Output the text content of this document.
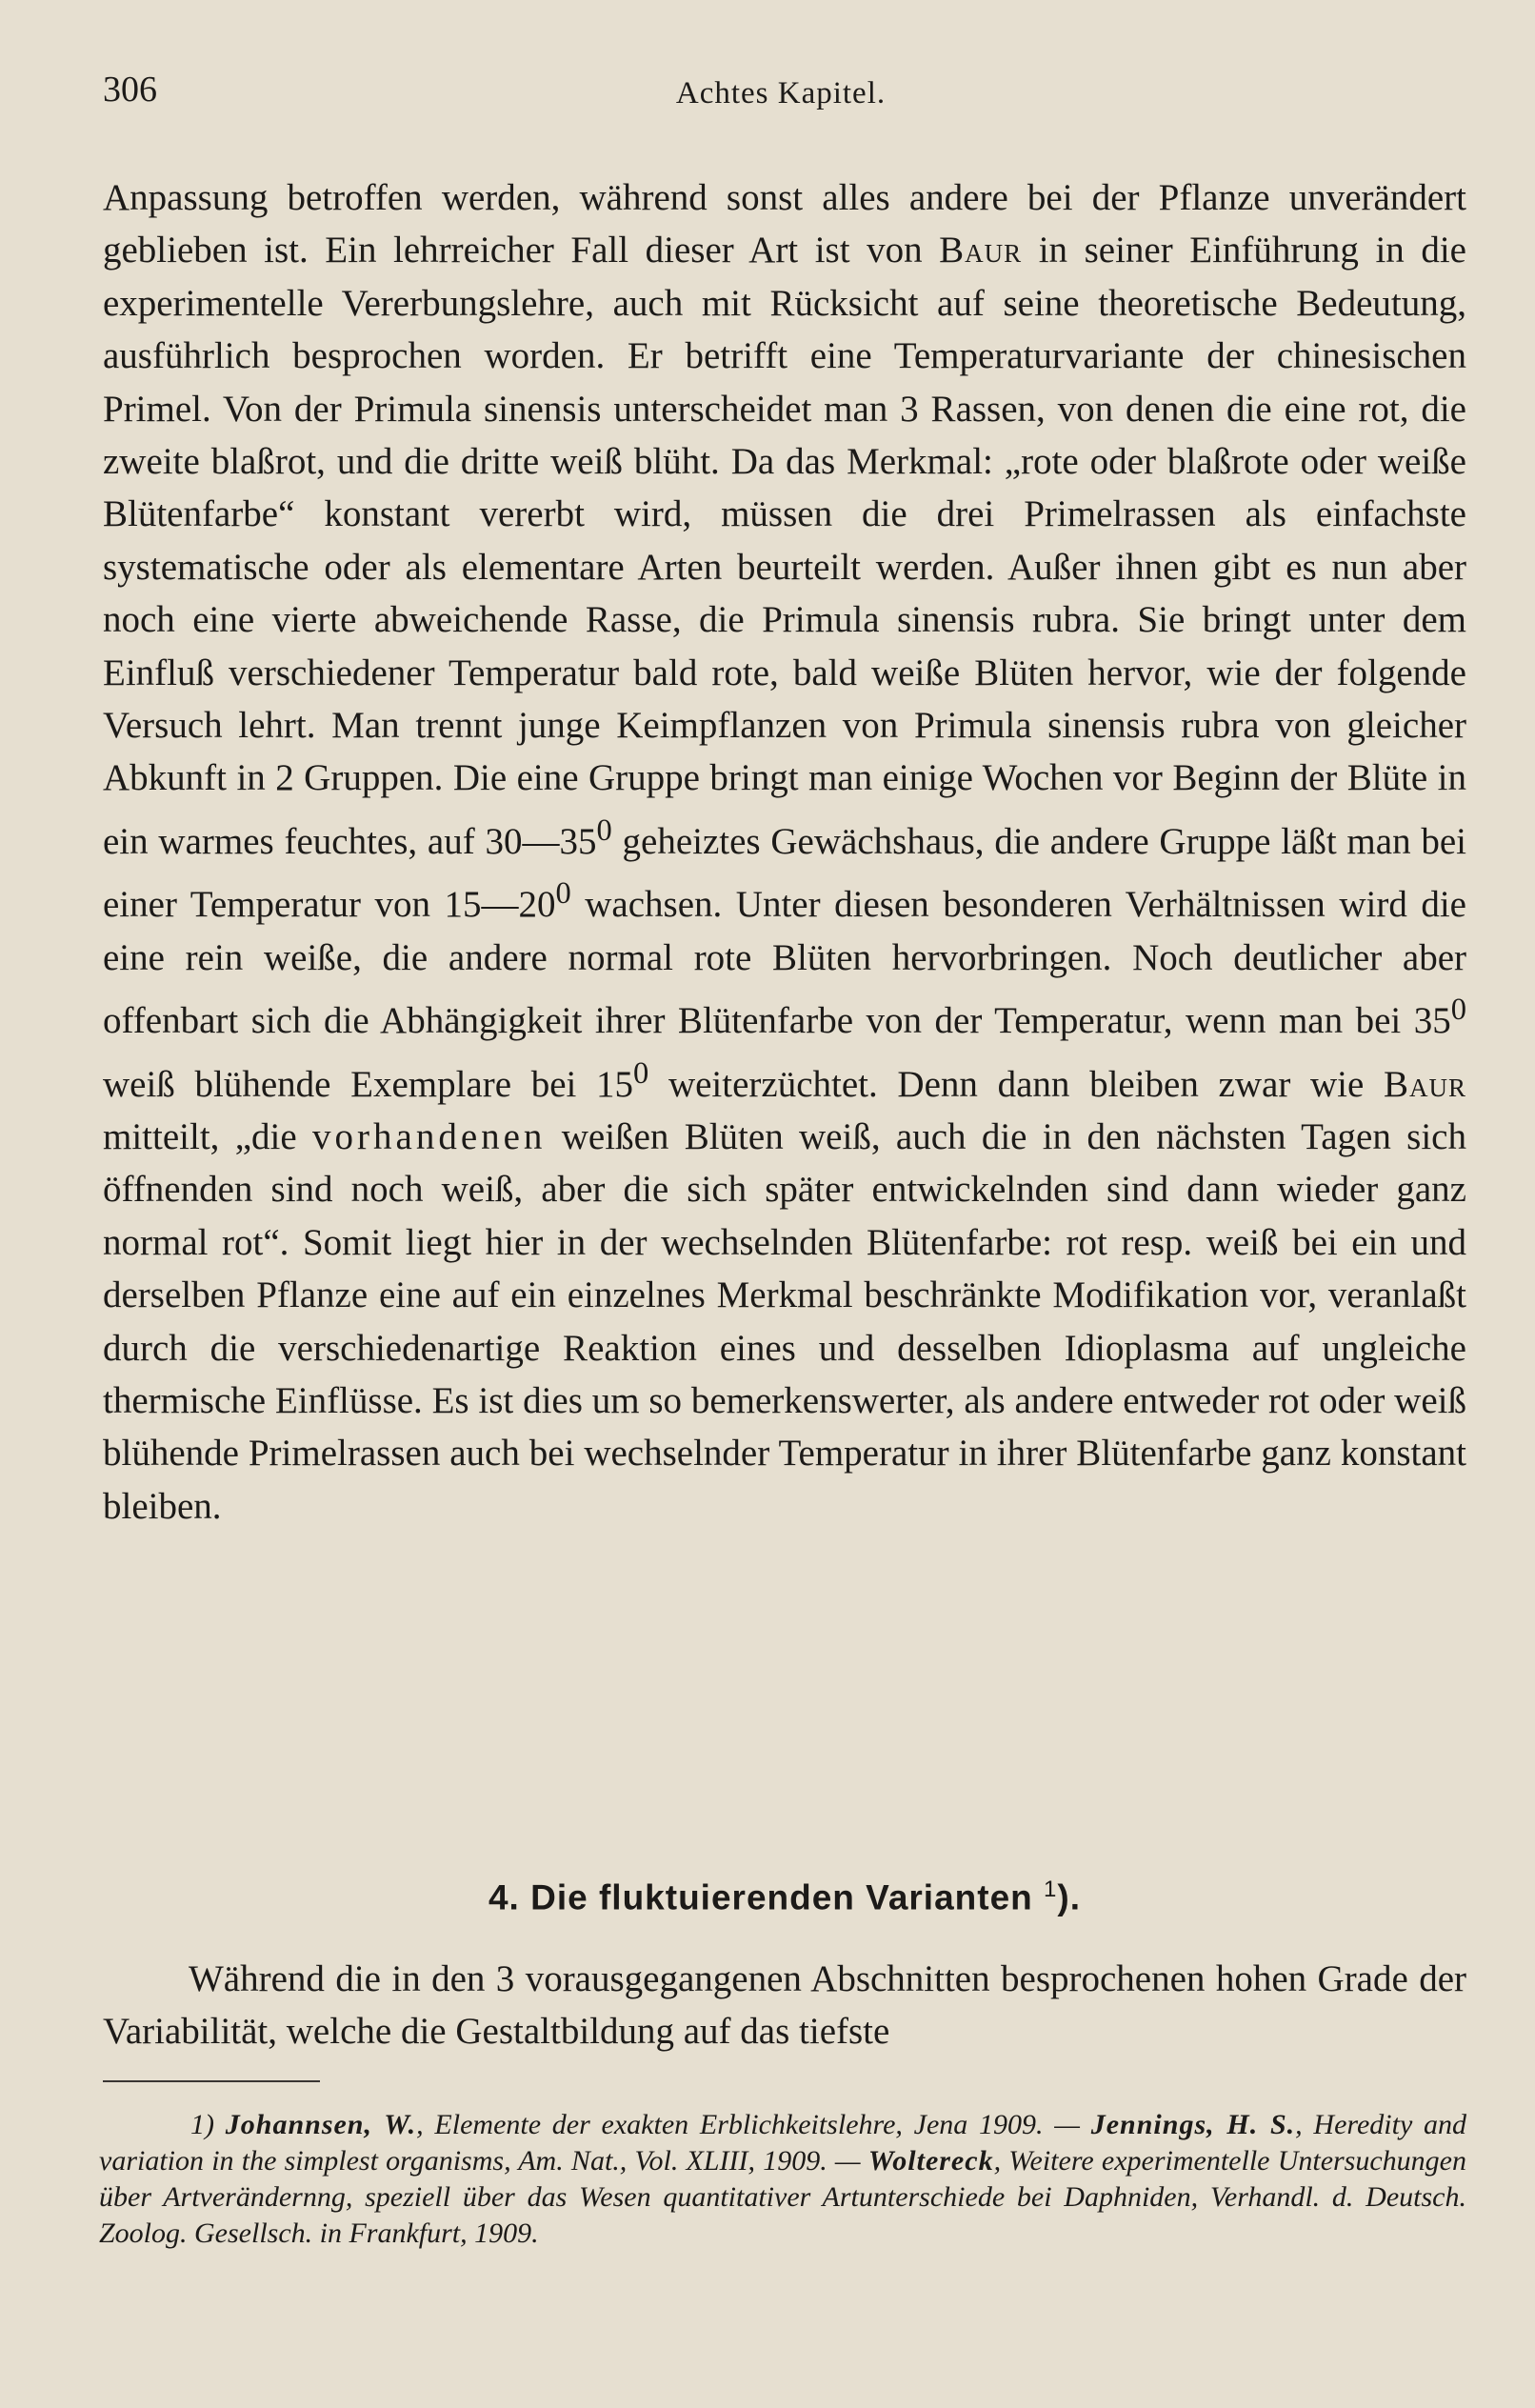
306	Achtes Kapitel.

Anpassung betroffen werden, während sonst alles andere bei der Pflanze unverändert geblieben ist. Ein lehrreicher Fall dieser Art ist von Baur in seiner Einführung in die experimentelle Vererbungslehre, auch mit Rücksicht auf seine theoretische Bedeutung, ausführlich besprochen worden. Er betrifft eine Temperaturvariante der chinesischen Primel. Von der Primula sinensis unterscheidet man 3 Rassen, von denen die eine rot, die zweite blaßrot, und die dritte weiß blüht. Da das Merkmal: „rote oder blaßrote oder weiße Blütenfarbe“ konstant vererbt wird, müssen die drei Primelrassen als einfachste systematische oder als elementare Arten beurteilt werden. Außer ihnen gibt es nun aber noch eine vierte abweichende Rasse, die Primula sinensis rubra. Sie bringt unter dem Einfluß verschiedener Temperatur bald rote, bald weiße Blüten hervor, wie der folgende Versuch lehrt. Man trennt junge Keimpflanzen von Primula sinensis rubra von gleicher Abkunft in 2 Gruppen. Die eine Gruppe bringt man einige Wochen vor Beginn der Blüte in ein warmes feuchtes, auf $30—35^0$ geheiztes Gewächshaus, die andere Gruppe läßt man bei einer Temperatur von $15—20^0$ wachsen. Unter diesen besonderen Verhältnissen wird die eine rein weiße, die andere normal rote Blüten hervorbringen. Noch deutlicher aber offenbart sich die Abhängigkeit ihrer Blütenfarbe von der Temperatur, wenn man bei $35^0$ weiß blühende Exemplare bei $15^0$ weiterzüchtet. Denn dann bleiben zwar wie Baur mitteilt, „die vorhandenen weißen Blüten weiß, auch die in den nächsten Tagen sich öffnenden sind noch weiß, aber die sich später entwickelnden sind dann wieder ganz normal rot“. Somit liegt hier in der wechselnden Blütenfarbe: rot resp. weiß bei ein und derselben Pflanze eine auf ein einzelnes Merkmal beschränkte Modifikation vor, veranlaßt durch die verschiedenartige Reaktion eines und desselben Idioplasma auf ungleiche thermische Einflüsse. Es ist dies um so bemerkenswerter, als andere entweder rot oder weiß blühende Primelrassen auch bei wechselnder Temperatur in ihrer Blütenfarbe ganz konstant bleiben.

4. Die fluktuierenden Varianten $^1$).

Während die in den 3 vorausgegangenen Abschnitten besprochenen hohen Grade der Variabilität, welche die Gestaltbildung auf das tiefste

1) Johannsen, W., Elemente der exakten Erblichkeitslehre, Jena 1909. — Jennings, H. S., Heredity and variation in the simplest organisms, Am. Nat., Vol. XLIII, 1909. — Woltereck, Weitere experimentelle Untersuchungen über Artverändernng, speziell über das Wesen quantitativer Artunterschiede bei Daphniden, Verhandl. d. Deutsch. Zoolog. Gesellsch. in Frankfurt, 1909.
